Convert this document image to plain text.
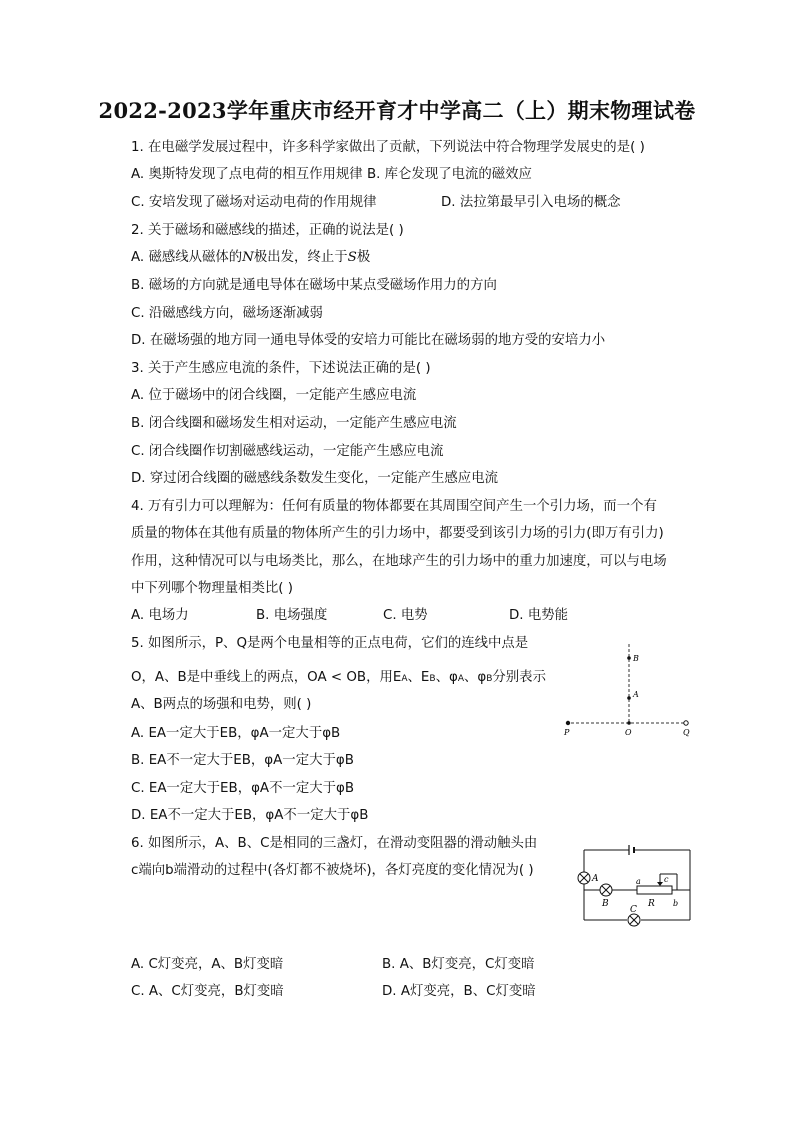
2022-2023学年重庆市经开育才中学高二（上）期末物理试卷
1. 在电磁学发展过程中，许多科学家做出了贡献，下列说法中符合物理学发展史的是( )
A. 奥斯特发现了点电荷的相互作用规律 B. 库仑发现了电流的磁效应
C. 安培发现了磁场对运动电荷的作用规律	D. 法拉第最早引入电场的概念
2. 关于磁场和磁感线的描述，正确的说法是( )
A. 磁感线从磁体的N极出发，终止于S极
B. 磁场的方向就是通电导体在磁场中某点受磁场作用力的方向
C. 沿磁感线方向，磁场逐渐减弱
D. 在磁场强的地方同一通电导体受的安培力可能比在磁场弱的地方受的安培力小
3. 关于产生感应电流的条件，下述说法正确的是( )
A. 位于磁场中的闭合线圈，一定能产生感应电流
B. 闭合线圈和磁场发生相对运动，一定能产生感应电流
C. 闭合线圈作切割磁感线运动，一定能产生感应电流
D. 穿过闭合线圈的磁感线条数发生变化，一定能产生感应电流
4. 万有引力可以理解为：任何有质量的物体都要在其周围空间产生一个引力场，而一个有
质量的物体在其他有质量的物体所产生的引力场中，都要受到该引力场的引力(即万有引力)
作用，这种情况可以与电场类比，那么，在地球产生的引力场中的重力加速度，可以与电场
中下列哪个物理量相类比( )
A. 电场力	B. 电场强度	C. 电势	D. 电势能
5. 如图所示，P、Q是两个电量相等的正点电荷，它们的连线中点是
O，A、B是中垂线上的两点，OA < OB，用EA、EB、φA、φB分别表示
A、B两点的场强和电势，则( )
A. EA一定大于EB，φA一定大于φB
B. EA不一定大于EB，φA一定大于φB
C. EA一定大于EB，φA不一定大于φB
D. EA不一定大于EB，φA不一定大于φB
B
A
P	O	Q
6. 如图所示，A、B、C是相同的三盏灯，在滑动变阻器的滑动触头由
c端向b端滑动的过程中(各灯都不被烧坏)，各灯亮度的变化情况为( )
A
B
a	c
R b
C
A. C灯变亮，A、B灯变暗	B. A、B灯变亮，C灯变暗
C. A、C灯变亮，B灯变暗	D. A灯变亮，B、C灯变暗
